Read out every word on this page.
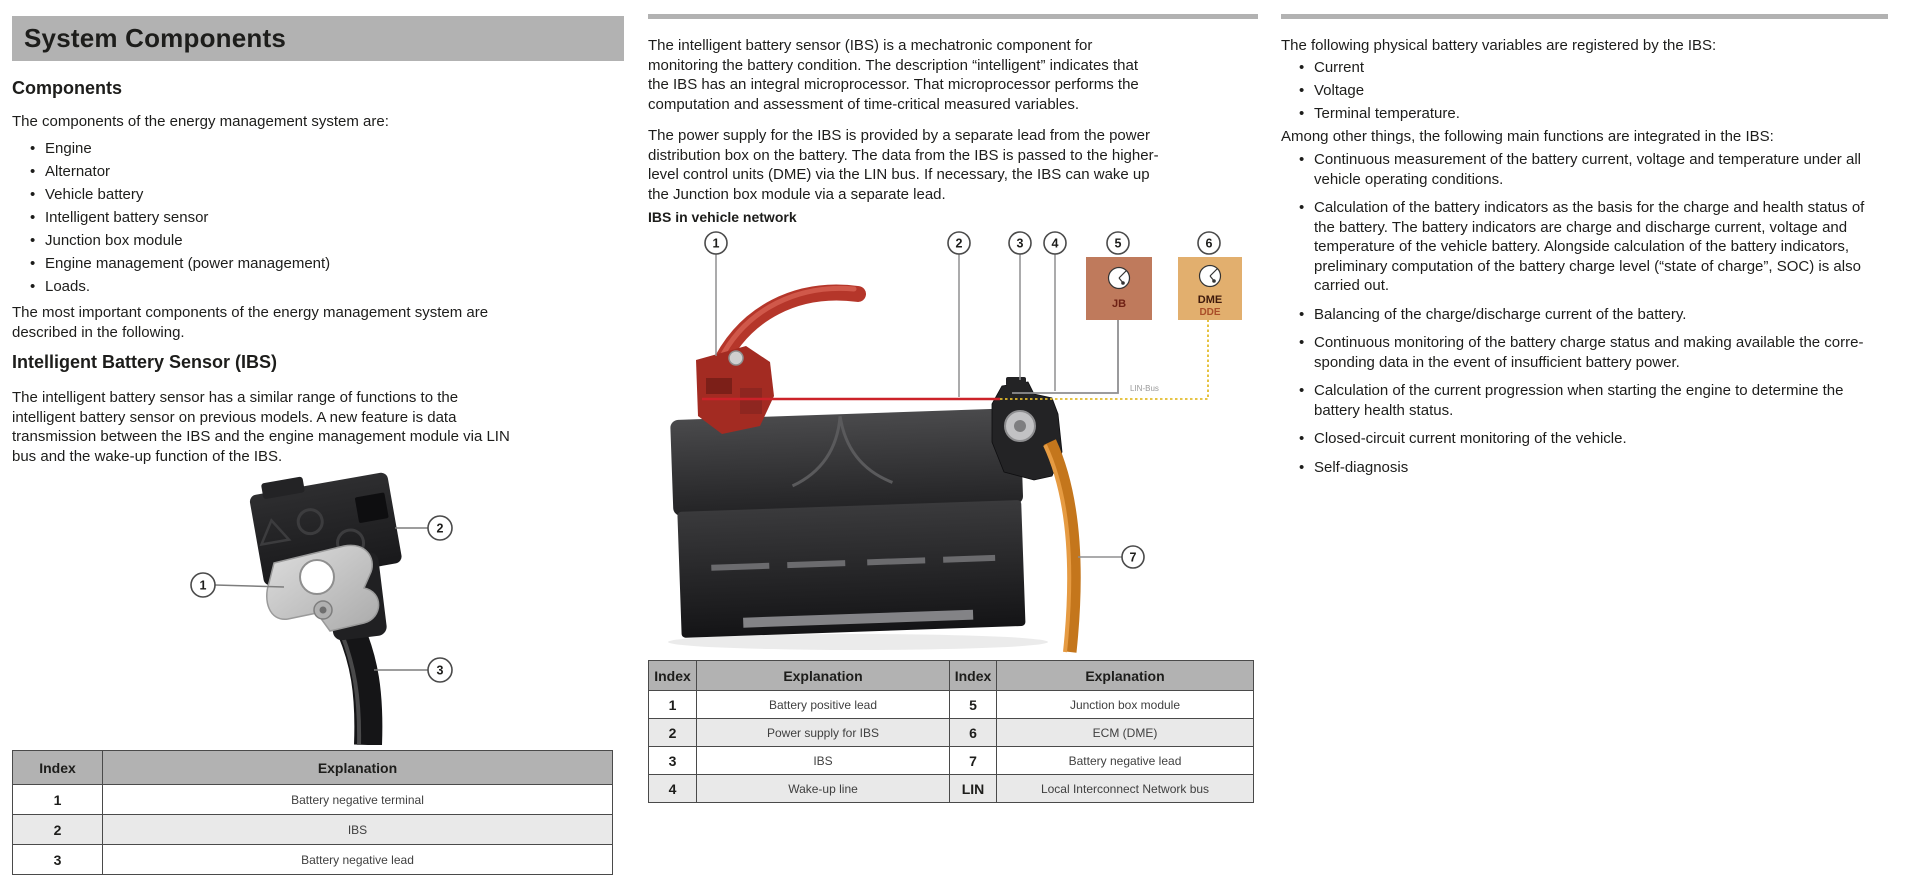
System Components
Components

The components of the energy management system are:

• Engine
• Alternator
• Vehicle battery
• Intelligent battery sensor
• Junction box module
• Engine management (power management)
• Loads.

The most important components of the energy management system are described in the following.

Intelligent Battery Sensor (IBS)

The intelligent battery sensor has a similar range of functions to the intelligent battery sensor on previous models. A new feature is data transmission between the IBS and the engine management module via LIN bus and the wake-up function of the IBS.

1
2
3
Index	Explanation
1	Battery negative terminal
2	IBS
3	Battery negative lead

The intelligent battery sensor (IBS) is a mechatronic component for monitoring the battery condition. The description “intelligent” indicates that the IBS has an integral microprocessor. That microprocessor performs the computation and assessment of time-critical measured variables.

The power supply for the IBS is provided by a separate lead from the power distribution box on the battery. The data from the IBS is passed to the higher-level control units (DME) via the LIN bus. If necessary, the IBS can wake up the Junction box module via a separate lead.

IBS in vehicle network
LIN-Bus
JB	DME
DDE
1	2	3 4	5	6
7
Index	Explanation	Index	Explanation
1	Battery positive lead	5	Junction box module
2	Power supply for IBS	6	ECM (DME)
3	IBS	7	Battery negative lead
4	Wake-up line	LIN	Local Interconnect Network bus

The following physical battery variables are registered by the IBS:

• Current
• Voltage
• Terminal temperature.

Among other things, the following main functions are integrated in the IBS:

• Continuous measurement of the battery current, voltage and temperature under all vehicle operating conditions.
• Calculation of the battery indicators as the basis for the charge and health status of the battery. The battery indicators are charge and discharge current, voltage and temperature of the vehicle battery. Alongside calculation of the battery indicators, preliminary computation of the battery charge level (“state of charge”, SOC) is also carried out.
• Balancing of the charge/discharge current of the battery.
• Continuous monitoring of the battery charge status and making available the corre-sponding data in the event of insufficient battery power.
• Calculation of the current progression when starting the engine to determine the battery health status.
• Closed-circuit current monitoring of the vehicle.
• Self-diagnosis
